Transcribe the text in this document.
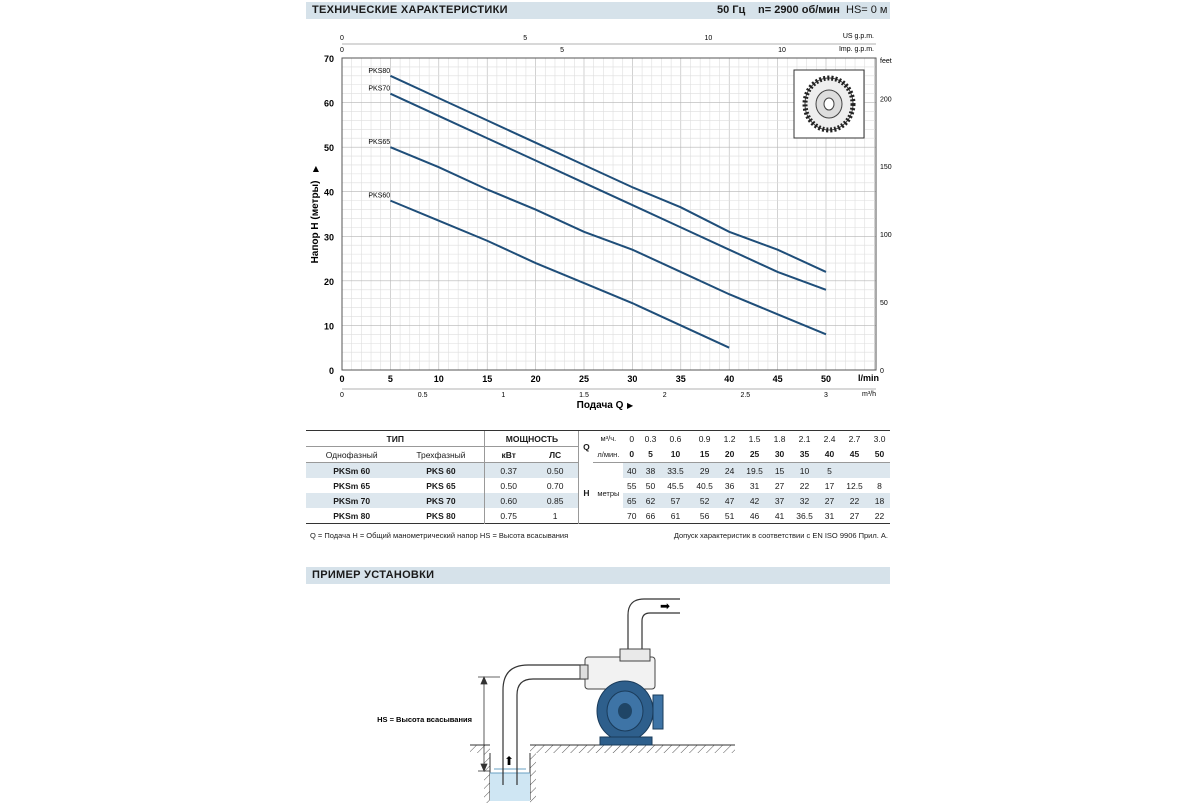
ТЕХНИЧЕСКИЕ ХАРАКТЕРИСТИКИ	50 Гц n= 2900 об/мин HS= 0 м
0	5	10	15	20	25	30	35	40	45	50
0
10
20
30
40
50
60
70
0	0.5	1	1.5	2	2.5	3
0	5	10
0	5	10
0
50
100
150
200
PKS80
PKS70
PKS65
PKS60
Напор H (метры)
▶
Подача Q ▶
l/min
US g.p.m.
Imp. g.p.m.
feet
m³/h
ТИП		МОЩНОСТЬ		Q	м³/ч.	0	0.3	0.6	0.9	1.2	1.5	1.8	2.1	2.4	2.7	3.0
Однофазный	Трехфазный	кВт	ЛС		л/мин.	0	5	10	15	20	25	30	35	40	45	50
PKSm 60	PKS 60	0.37	0.50	H	метры	40	38	33.5	29	24	19.5	15	10	5		
PKSm 65	PKS 65	0.50	0.70			55	50	45.5	40.5	36	31	27	22	17	12.5	8
PKSm 70	PKS 70	0.60	0.85			65	62	57	52	47	42	37	32	27	22	18
PKSm 80	PKS 80	0.75	1			70	66	61	56	51	46	41	36.5	31	27	22
Q = Подача H = Общий манометрический напор HS = Высота всасывания	Допуск характеристик в соответствии с EN ISO 9906 Прил. А.
ПРИМЕР УСТАНОВКИ
⬆
➡
HS = Высота всасывания
